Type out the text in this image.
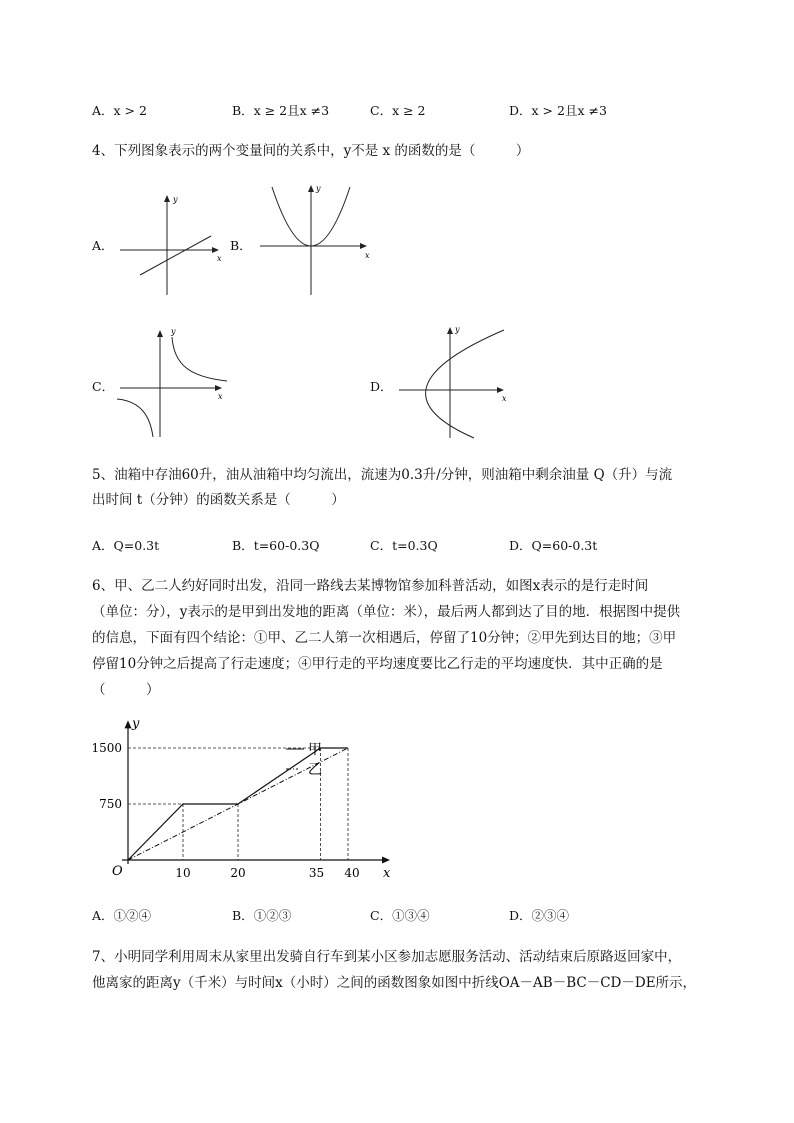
A．x > 2	B．x ≥ 2且x ≠3	C．x ≥ 2	D．x > 2且x ≠3
4、下列图象表示的两个变量间的关系中，y不是 x 的函数的是（　　　）
A．
y
x
B．
y
x
C．
y
x
D．
y
x
5、油箱中存油60升，油从油箱中均匀流出，流速为0.3升/分钟，则油箱中剩余油量 Q（升）与流
出时间 t（分钟）的函数关系是（　　　）
A．Q=0.3t	B．t=60-0.3Q	C．t=0.3Q	D．Q=60-0.3t
6、甲、乙二人约好同时出发，沿同一路线去某博物馆参加科普活动，如图x表示的是行走时间
（单位：分），y表示的是甲到出发地的距离（单位：米），最后两人都到达了目的地．根据图中提供
的信息，下面有四个结论：①甲、乙二人第一次相遇后，停留了10分钟；②甲先到达目的地；③甲
停留10分钟之后提高了行走速度；④甲行走的平均速度要比乙行走的平均速度快．其中正确的是
（　　　）
y
x
O	10	20	35 40
750
1500	甲
乙
A．①②④	B．①②③	C．①③④	D．②③④
7、小明同学利用周末从家里出发骑自行车到某小区参加志愿服务活动、活动结束后原路返回家中，
他离家的距离y（千米）与时间x（小时）之间的函数图象如图中折线OA－AB－BC－CD－DE所示，
